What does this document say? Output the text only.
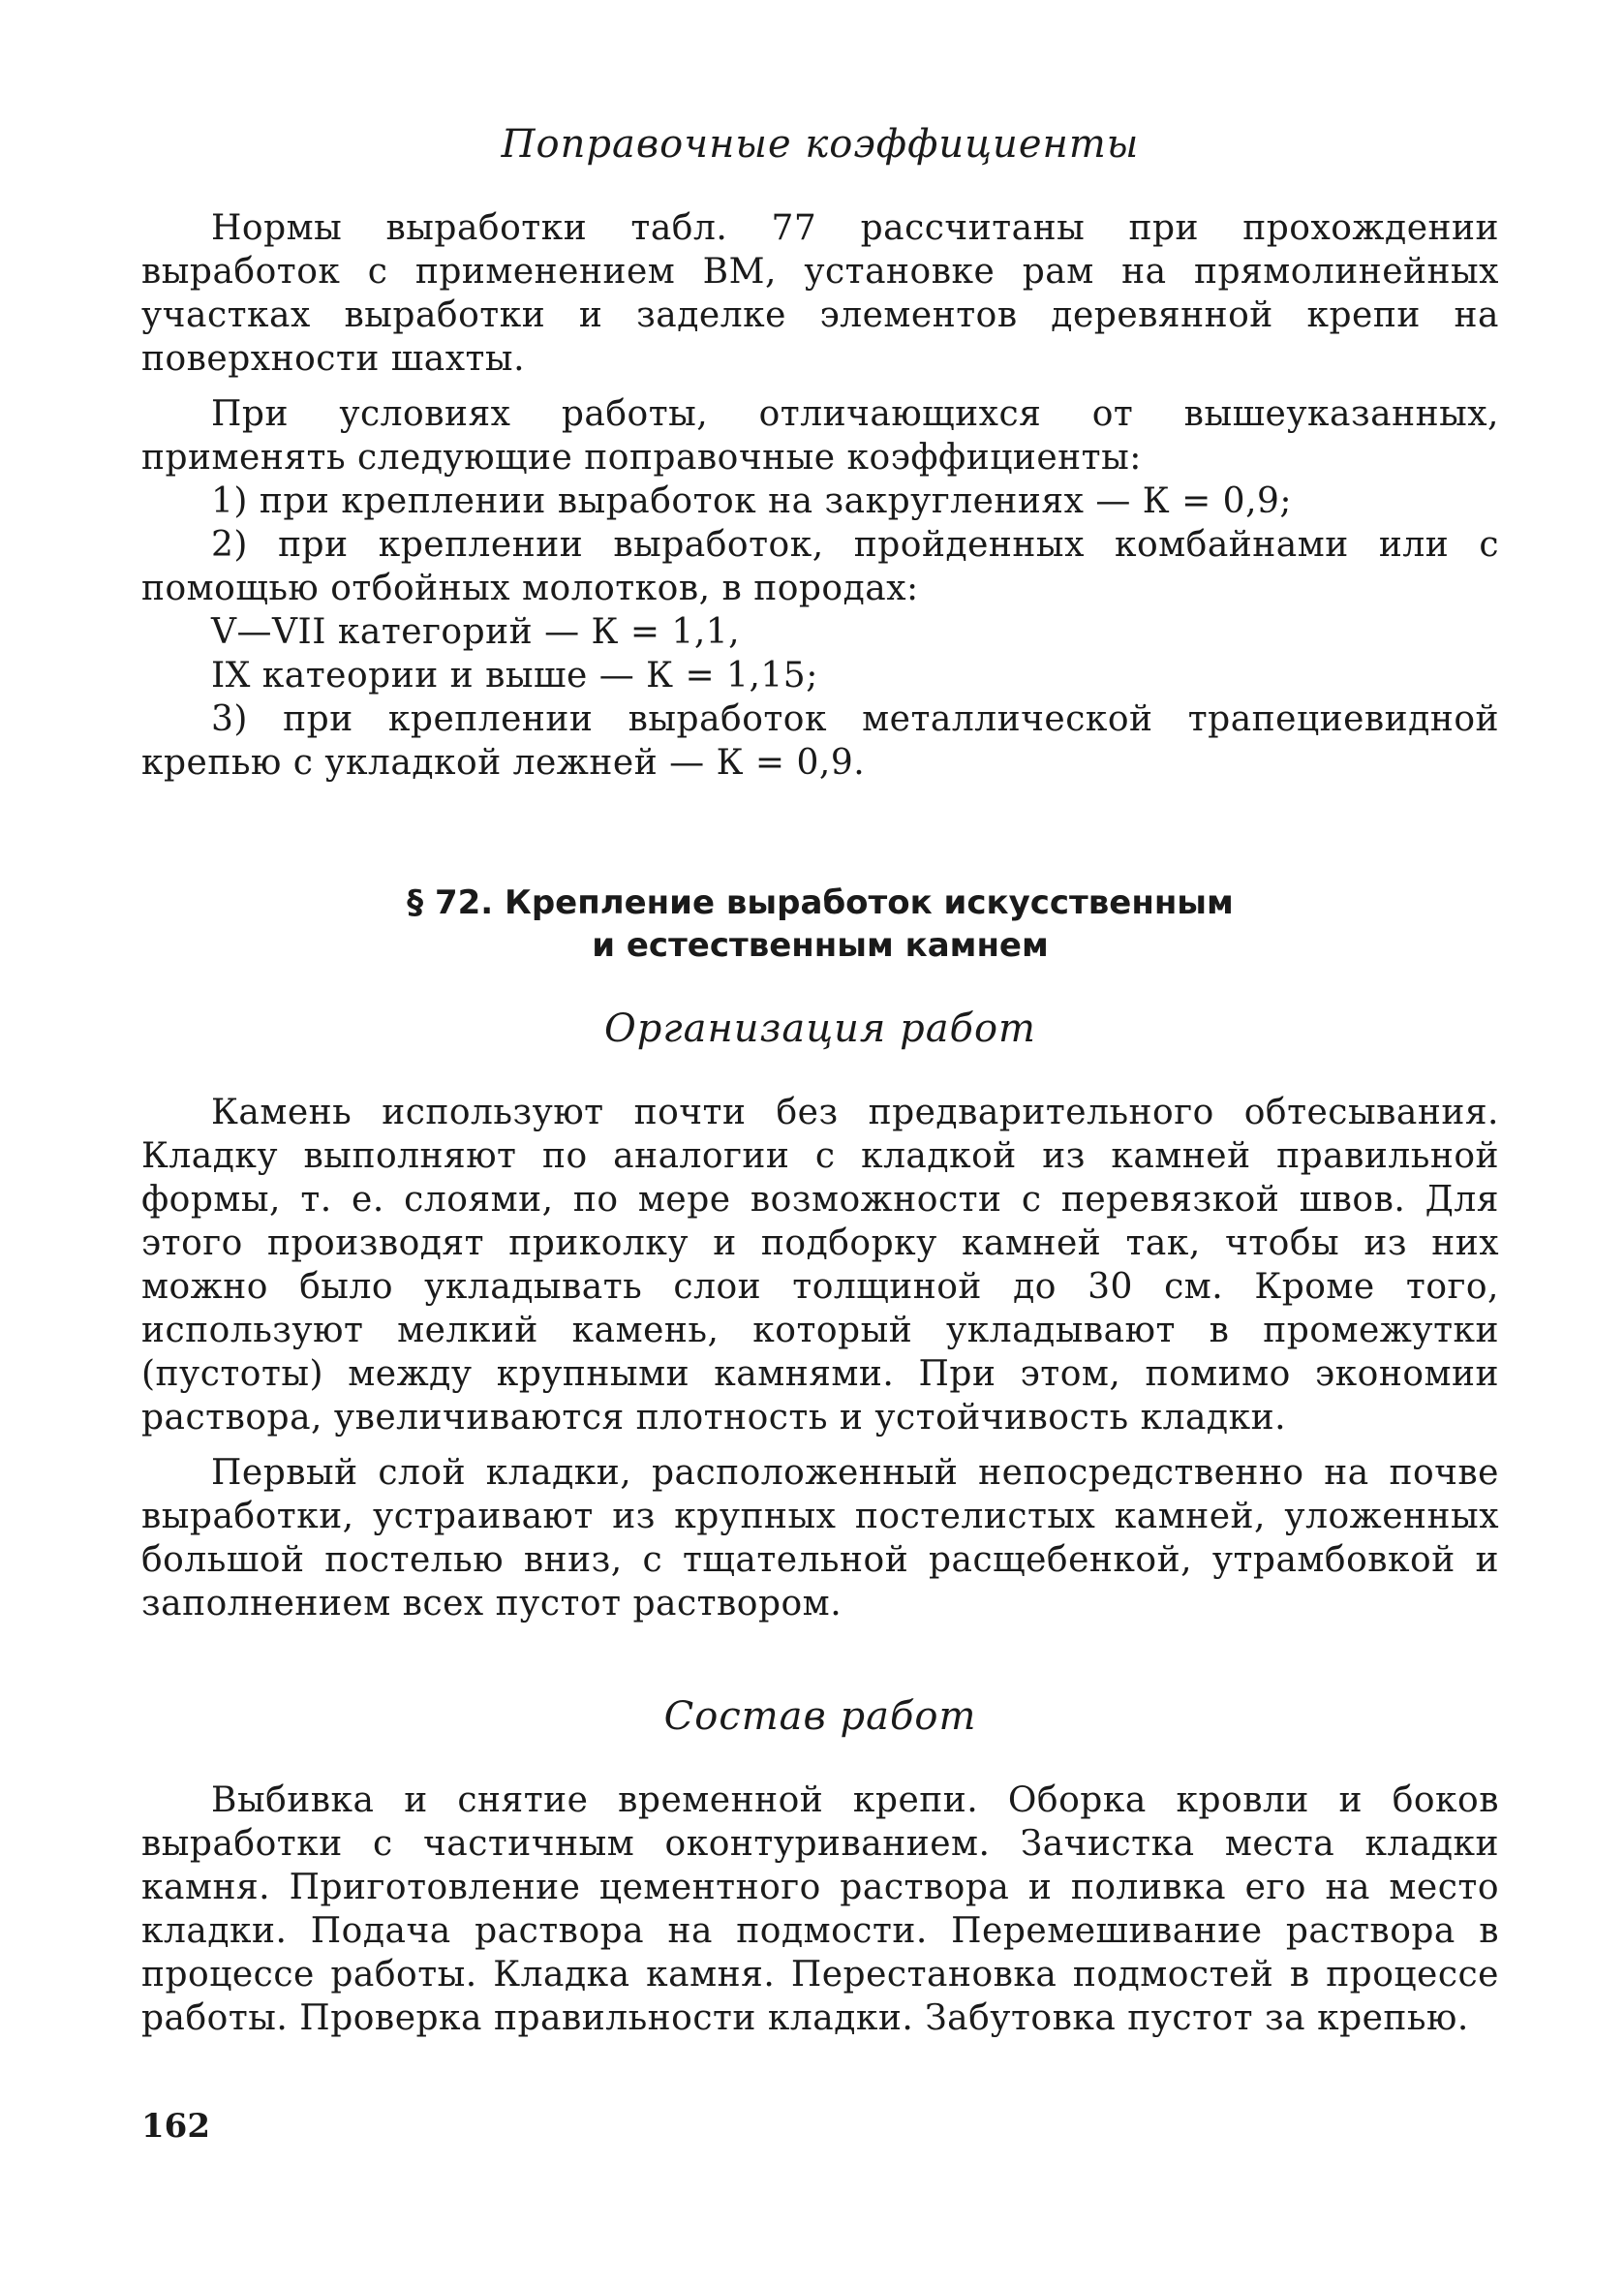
Поправочные коэффициенты

Нормы выработки табл. 77 рассчитаны при прохождении выработок с применением ВМ, установке рам на прямолинейных участках выработки и заделке элементов деревянной крепи на поверхности шахты.

При условиях работы, отличающихся от вышеуказанных, применять следующие поправочные коэффициенты:

1) при креплении выработок на закруглениях — К = 0,9;

2) при креплении выработок, пройденных комбайнами или с помощью отбойных молотков, в породах:

V—VII категорий — К = 1,1,

IX катеории и выше — К = 1,15;

3) при креплении выработок металлической трапециевидной крепью с укладкой лежней — К = 0,9.

§ 72. Крепление выработок искусственным

и естественным камнем

Организация работ

Камень используют почти без предварительного обтесывания. Кладку выполняют по аналогии с кладкой из камней правильной формы, т. е. слоями, по мере возможности с перевязкой швов. Для этого производят приколку и подборку камней так, чтобы из них можно было укладывать слои толщиной до 30 см. Кроме того, используют мелкий камень, который укладывают в промежутки (пустоты) между крупными камнями. При этом, помимо экономии раствора, увеличиваются плотность и устойчивость кладки.

Первый слой кладки, расположенный непосредственно на почве выработки, устраивают из крупных постелистых камней, уложенных большой постелью вниз, с тщательной расщебенкой, утрамбовкой и заполнением всех пустот раствором.

Состав работ

Выбивка и снятие временной крепи. Оборка кровли и боков выработки с частичным оконтуриванием. Зачистка места кладки камня. Приготовление цементного раствора и поливка его на место кладки. Подача раствора на подмости. Перемешивание раствора в процессе работы. Кладка камня. Перестановка подмостей в процессе работы. Проверка правильности кладки. Забутовка пустот за крепью.

162
